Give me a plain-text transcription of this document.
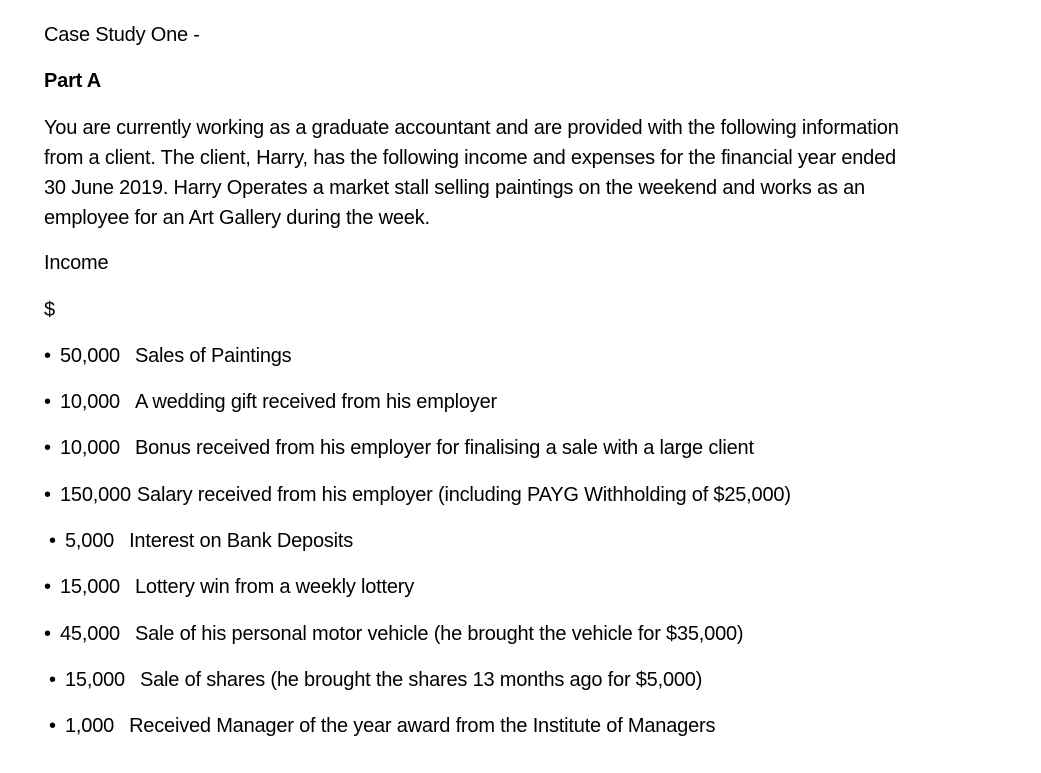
Case Study One -
Part A
You are currently working as a graduate accountant and are provided with the following information
from a client. The client, Harry, has the following income and expenses for the financial year ended
30 June 2019. Harry Operates a market stall selling paintings on the weekend and works as an
employee for an Art Gallery during the week.
Income
$
• 50,000 Sales of Paintings
• 10,000 A wedding gift received from his employer
• 10,000 Bonus received from his employer for finalising a sale with a large client
• 150,000 Salary received from his employer (including PAYG Withholding of $25,000)
• 5,000 Interest on Bank Deposits
• 15,000 Lottery win from a weekly lottery
• 45,000 Sale of his personal motor vehicle (he brought the vehicle for $35,000)
• 15,000 Sale of shares (he brought the shares 13 months ago for $5,000)
• 1,000 Received Manager of the year award from the Institute of Managers
